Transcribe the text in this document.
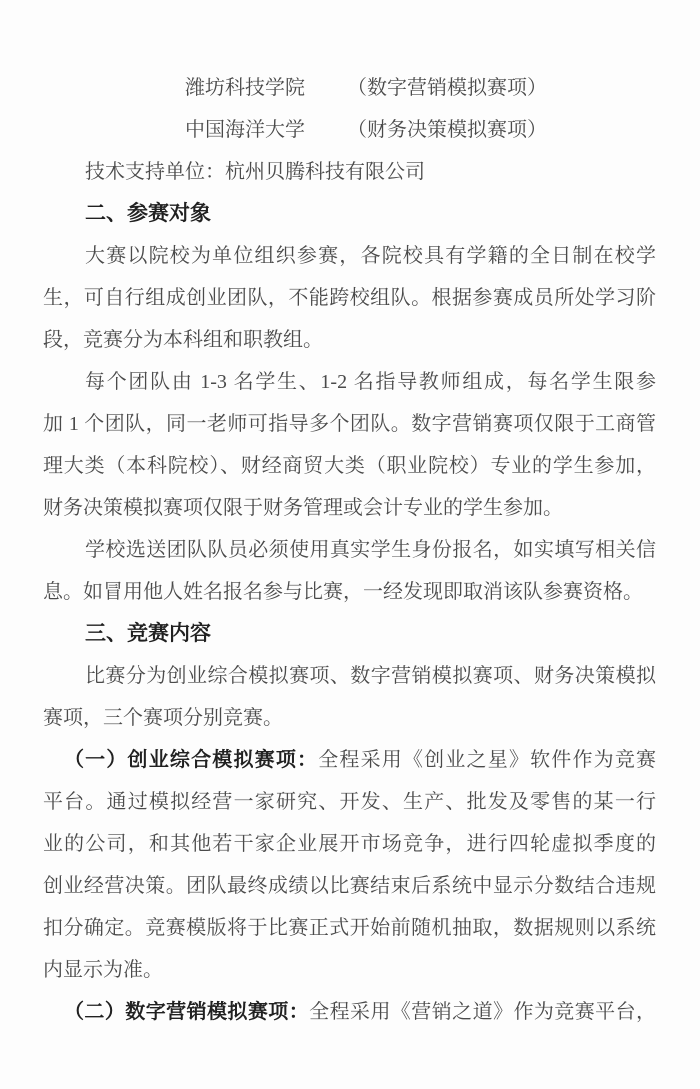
潍坊科技学院 （数字营销模拟赛项）
中国海洋大学 （财务决策模拟赛项）
技术支持单位：杭州贝腾科技有限公司
二、参赛对象
大赛以院校为单位组织参赛，各院校具有学籍的全日制在校学
生，可自行组成创业团队，不能跨校组队。根据参赛成员所处学习阶
段，竞赛分为本科组和职教组。
每个团队由 1-3 名学生、1-2 名指导教师组成，每名学生限参
加 1 个团队，同一老师可指导多个团队。数字营销赛项仅限于工商管
理大类（本科院校）、财经商贸大类（职业院校）专业的学生参加，
财务决策模拟赛项仅限于财务管理或会计专业的学生参加。
学校选送团队队员必须使用真实学生身份报名，如实填写相关信
息。如冒用他人姓名报名参与比赛，一经发现即取消该队参赛资格。
三、竞赛内容
比赛分为创业综合模拟赛项、数字营销模拟赛项、财务决策模拟
赛项，三个赛项分别竞赛。
（一）创业综合模拟赛项：全程采用《创业之星》软件作为竞赛
平台。通过模拟经营一家研究、开发、生产、批发及零售的某一行
业的公司，和其他若干家企业展开市场竞争，进行四轮虚拟季度的
创业经营决策。团队最终成绩以比赛结束后系统中显示分数结合违规
扣分确定。竞赛模版将于比赛正式开始前随机抽取，数据规则以系统
内显示为准。
（二）数字营销模拟赛项：全程采用《营销之道》作为竞赛平台，
